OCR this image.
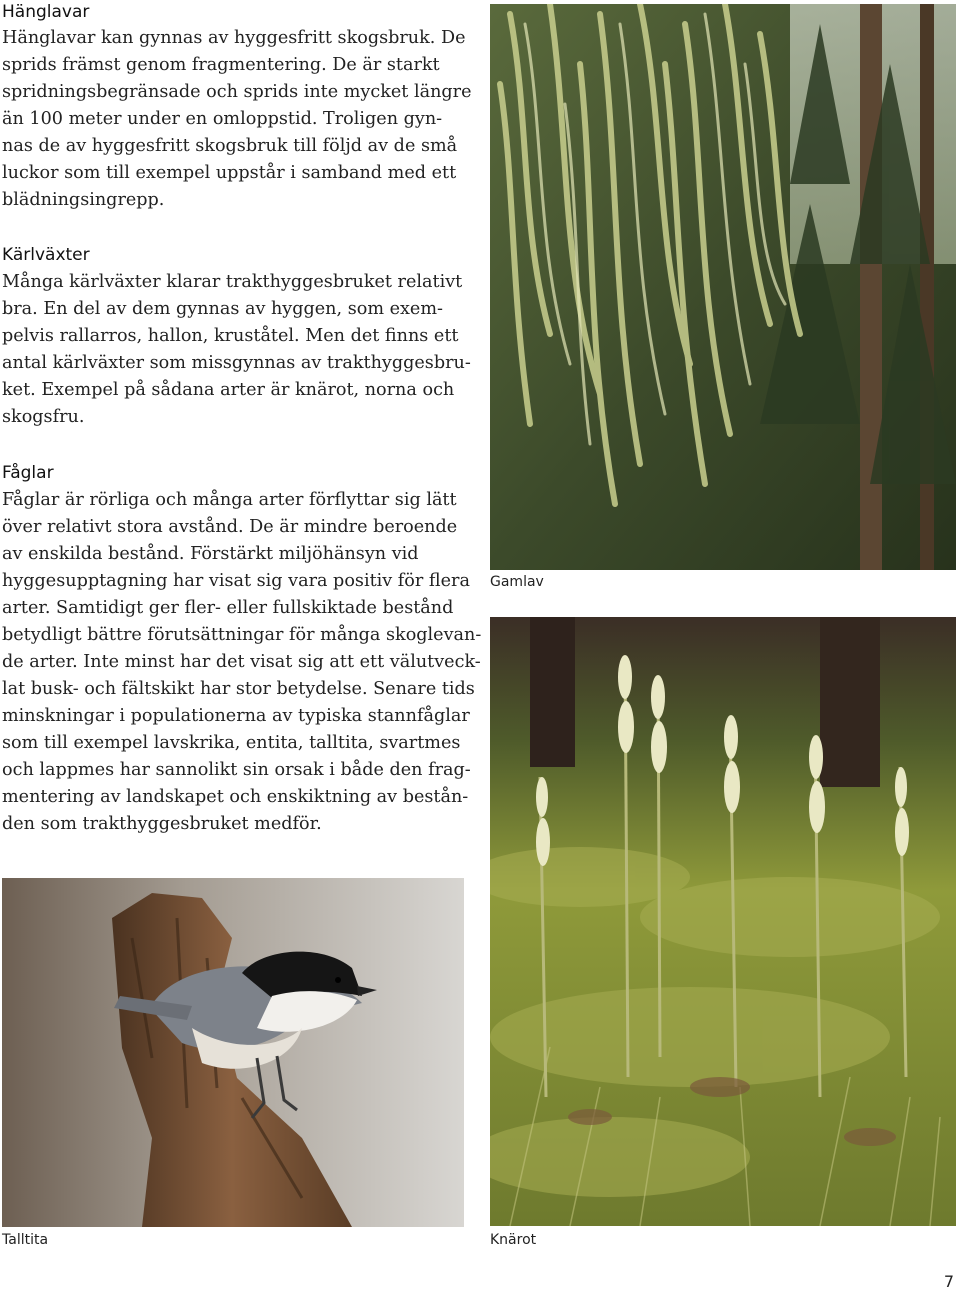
Hänglavar

Hänglavar kan gynnas av hyggesfritt skogsbruk. De
sprids främst genom fragmentering. De är starkt
spridningsbegränsade och sprids inte mycket längre
än 100 meter under en omloppstid. Troligen gyn-
nas de av hyggesfritt skogsbruk till följd av de små
luckor som till exempel uppstår i samband med ett
blädningsingrepp.

Kärlväxter

Många kärlväxter klarar trakthyggesbruket relativt
bra. En del av dem gynnas av hyggen, som exem-
pelvis rallarros, hallon, kruståtel. Men det finns ett
antal kärlväxter som missgynnas av trakthyggesbru-
ket. Exempel på sådana arter är knärot, norna och
skogsfru.

Fåglar

Fåglar är rörliga och många arter förflyttar sig lätt
över relativt stora avstånd. De är mindre beroende
av enskilda bestånd. Förstärkt miljöhänsyn vid
hyggesupptagning har visat sig vara positiv för flera
arter. Samtidigt ger fler- eller fullskiktade bestånd
betydligt bättre förutsättningar för många skoglevan-
de arter. Inte minst har det visat sig att ett välutveck-
lat busk- och fältskikt har stor betydelse. Senare tids
minskningar i populationerna av typiska stannfåglar
som till exempel lavskrika, entita, talltita, svartmes
och lappmes har sannolikt sin orsak i både den frag-
mentering av landskapet och enskiktning av bestån-
den som trakthyggesbruket medför.

Gamlav
Talltita	Knärot
7
